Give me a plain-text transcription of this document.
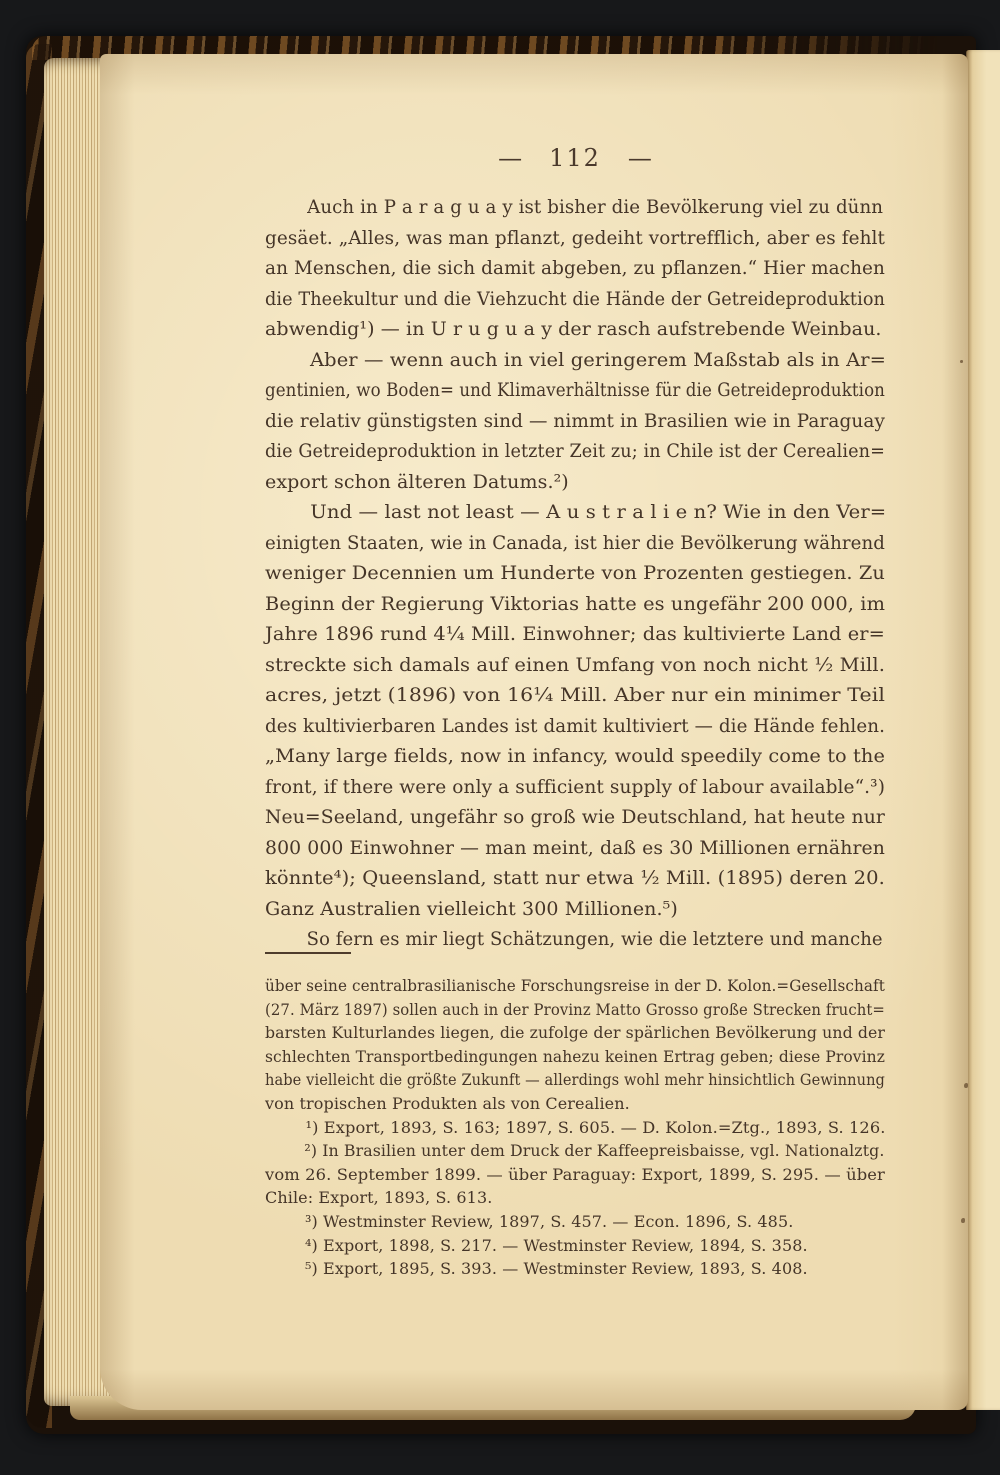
— 112 —
Auch in P a r a g u a y ist bisher die Bevölkerung viel zu dünn
gesäet. „Alles, was man pflanzt, gedeiht vortrefflich, aber es fehlt
an Menschen, die sich damit abgeben, zu pflanzen.“ Hier machen
die Theekultur und die Viehzucht die Hände der Getreideproduktion
abwendig¹) — in U r u g u a y der rasch aufstrebende Weinbau.
Aber — wenn auch in viel geringerem Maßstab als in Ar=
gentinien, wo Boden= und Klimaverhältnisse für die Getreideproduktion
die relativ günstigsten sind — nimmt in Brasilien wie in Paraguay
die Getreideproduktion in letzter Zeit zu; in Chile ist der Cerealien=
export schon älteren Datums.²)
Und — last not least — A u s t r a l i e n? Wie in den Ver=
einigten Staaten, wie in Canada, ist hier die Bevölkerung während
weniger Decennien um Hunderte von Prozenten gestiegen. Zu
Beginn der Regierung Viktorias hatte es ungefähr 200 000, im
Jahre 1896 rund 4¹⁄₄ Mill. Einwohner; das kultivierte Land er=
streckte sich damals auf einen Umfang von noch nicht ¹⁄₂ Mill.
acres, jetzt (1896) von 16¹⁄₄ Mill. Aber nur ein minimer Teil
des kultivierbaren Landes ist damit kultiviert — die Hände fehlen.
„Many large fields, now in infancy, would speedily come to the
front, if there were only a sufficient supply of labour available“.³)
Neu=Seeland, ungefähr so groß wie Deutschland, hat heute nur
800 000 Einwohner — man meint, daß es 30 Millionen ernähren
könnte⁴); Queensland, statt nur etwa ¹⁄₂ Mill. (1895) deren 20.
Ganz Australien vielleicht 300 Millionen.⁵)
So fern es mir liegt Schätzungen, wie die letztere und manche
über seine centralbrasilianische Forschungsreise in der D. Kolon.=Gesellschaft
(27. März 1897) sollen auch in der Provinz Matto Grosso große Strecken frucht=
barsten Kulturlandes liegen, die zufolge der spärlichen Bevölkerung und der
schlechten Transportbedingungen nahezu keinen Ertrag geben; diese Provinz
habe vielleicht die größte Zukunft — allerdings wohl mehr hinsichtlich Gewinnung
von tropischen Produkten als von Cerealien.
¹) Export, 1893, S. 163; 1897, S. 605. — D. Kolon.=Ztg., 1893, S. 126.
²) In Brasilien unter dem Druck der Kaffeepreisbaisse, vgl. Nationalztg.
vom 26. September 1899. — über Paraguay: Export, 1899, S. 295. — über
Chile: Export, 1893, S. 613.
³) Westminster Review, 1897, S. 457. — Econ. 1896, S. 485.
⁴) Export, 1898, S. 217. — Westminster Review, 1894, S. 358.
⁵) Export, 1895, S. 393. — Westminster Review, 1893, S. 408.
